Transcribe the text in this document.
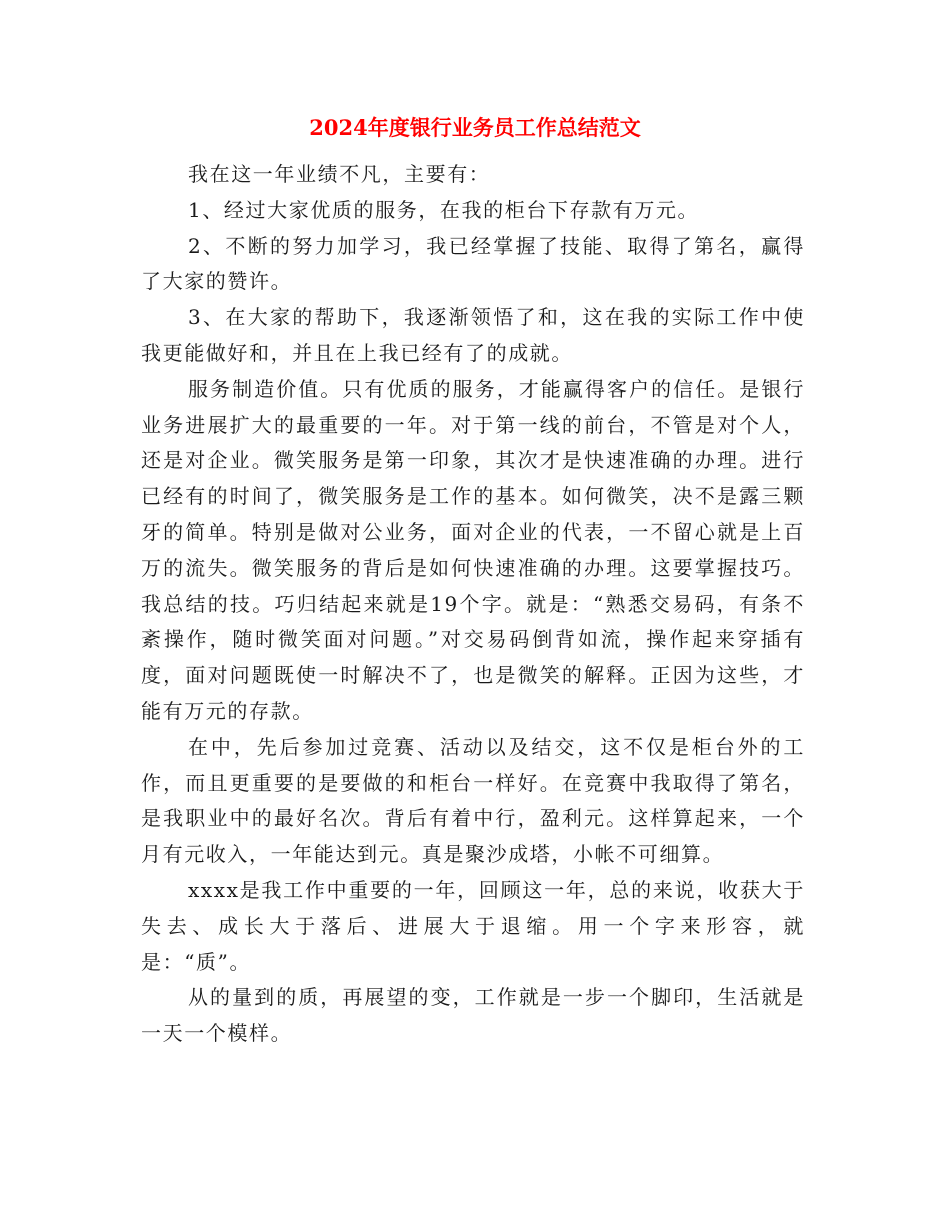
2024年度银行业务员工作总结范文

我在这一年业绩不凡，主要有：

1、经过大家优质的服务，在我的柜台下存款有万元。

2、不断的努力加学习，我已经掌握了技能、取得了第名，赢得了大家的赞许。

3、在大家的帮助下，我逐渐领悟了和，这在我的实际工作中使我更能做好和，并且在上我已经有了的成就。

服务制造价值。只有优质的服务，才能赢得客户的信任。是银行业务进展扩大的最重要的一年。对于第一线的前台，不管是对个人，还是对企业。微笑服务是第一印象，其次才是快速准确的办理。进行已经有的时间了，微笑服务是工作的基本。如何微笑，决不是露三颗牙的简单。特别是做对公业务，面对企业的代表，一不留心就是上百万的流失。微笑服务的背后是如何快速准确的办理。这要掌握技巧。我总结的技。巧归结起来就是19个字。就是：“熟悉交易码，有条不紊操作，随时微笑面对问题。”对交易码倒背如流，操作起来穿插有度，面对问题既使一时解决不了，也是微笑的解释。正因为这些，才能有万元的存款。

在中，先后参加过竞赛、活动以及结交，这不仅是柜台外的工作，而且更重要的是要做的和柜台一样好。在竞赛中我取得了第名，是我职业中的最好名次。背后有着中行，盈利元。这样算起来，一个月有元收入，一年能达到元。真是聚沙成塔，小帐不可细算。

xxxx是我工作中重要的一年，回顾这一年，总的来说，收获大于失去、成长大于落后、进展大于退缩。用一个字来形容，就是：“质”。

从的量到的质，再展望的变，工作就是一步一个脚印，生活就是一天一个模样。
